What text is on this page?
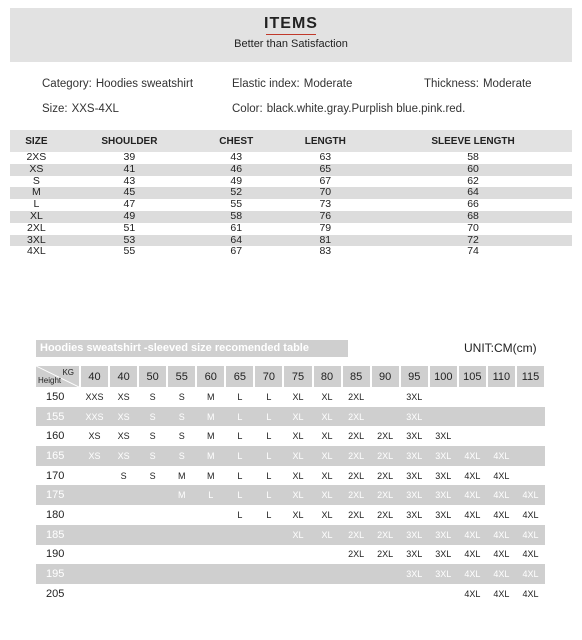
ITEMS
Better than Satisfaction
Category: Hoodies sweatshirt	Elastic index: Moderate	Thickness: Moderate
Size: XXS-4XL	Color: black.white.gray.Purplish blue.pink.red.
SIZE	SHOULDER	CHEST	LENGTH	SLEEVE LENGTH
2XS	39	43	63	58
XS	41	46	65	60
S	43	49	67	62
M	45	52	70	64
L	47	55	73	66
XL	49	58	76	68
2XL	51	61	79	70
3XL	53	64	81	72
4XL	55	67	83	74
Hoodies sweatshirt -sleeved size recomended table	UNIT:CM(cm)
KG
Height	40	40	50	55	60	65	70	75	80	85	90	95	100	105	110	115
150	XXS	XS	S	S	M	L	L	XL	XL	2XL		3XL				
155	XXS	XS	S	S	M	L	L	XL	XL	2XL		3XL				
160	XS	XS	S	S	M	L	L	XL	XL	2XL	2XL	3XL	3XL			
165	XS	XS	S	S	M	L	L	XL	XL	2XL	2XL	3XL	3XL	4XL	4XL	
170		S	S	M	M	L	L	XL	XL	2XL	2XL	3XL	3XL	4XL	4XL	
175				M	L	L	L	XL	XL	2XL	2XL	3XL	3XL	4XL	4XL	4XL
180						L	L	XL	XL	2XL	2XL	3XL	3XL	4XL	4XL	4XL
185								XL	XL	2XL	2XL	3XL	3XL	4XL	4XL	4XL
190										2XL	2XL	3XL	3XL	4XL	4XL	4XL
195												3XL	3XL	4XL	4XL	4XL
205														4XL	4XL	4XL
